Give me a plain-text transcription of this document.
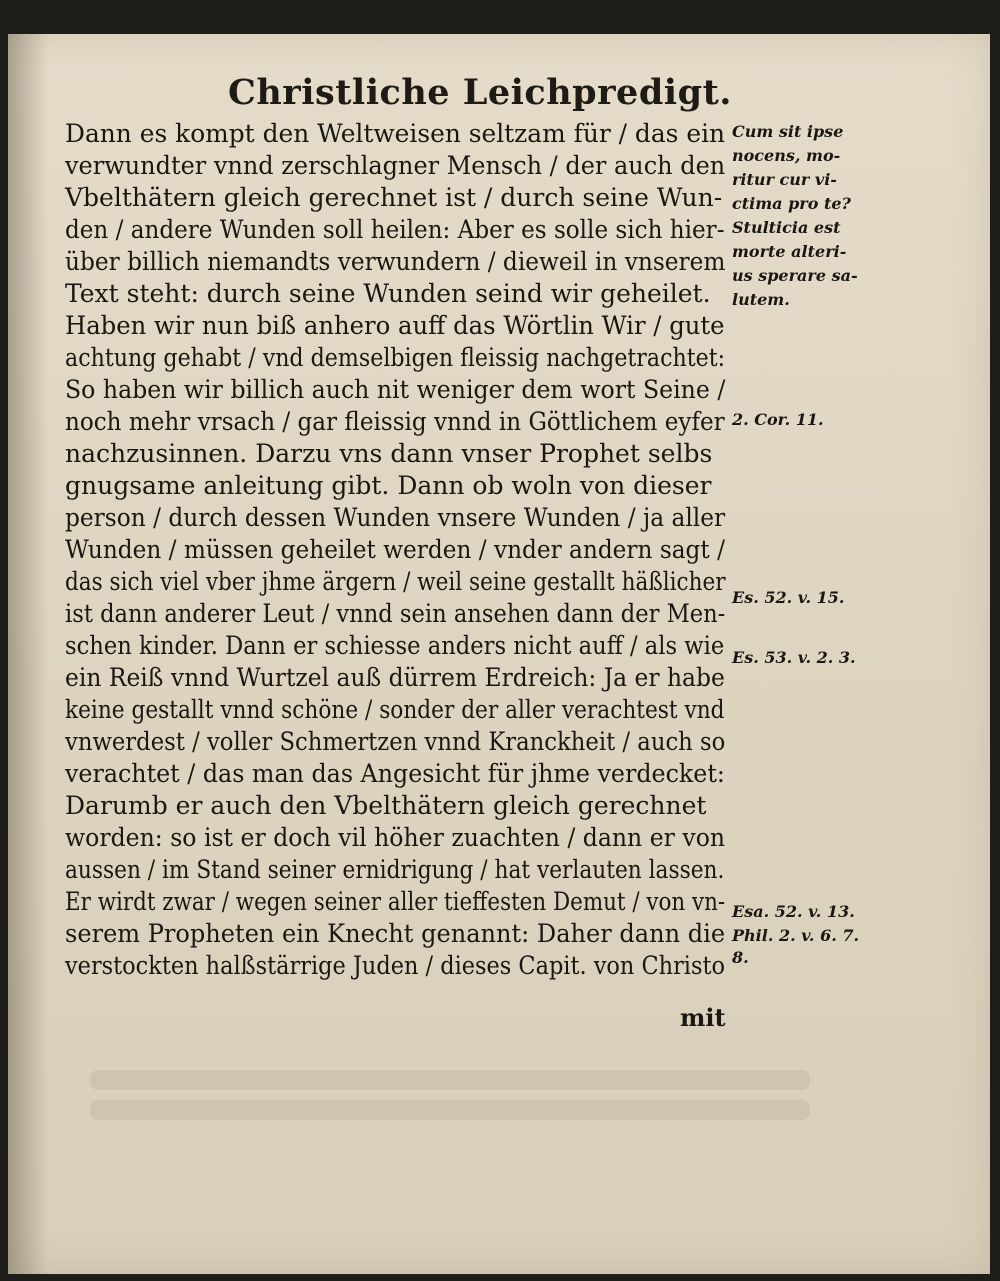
Christliche Leichpredigt.
Dann es kompt den Weltweisen seltzam für / das ein
verwundter vnnd zerschlagner Mensch / der auch den
Vbelthätern gleich gerechnet ist / durch seine Wun-
den / andere Wunden soll heilen: Aber es solle sich hier-
über billich niemandts verwundern / dieweil in vnserem
Text steht: durch seine Wunden seind wir geheilet.
Haben wir nun biß anhero auff das Wörtlin Wir / gute
achtung gehabt / vnd demselbigen fleissig nachgetrachtet:
So haben wir billich auch nit weniger dem wort Seine /
noch mehr vrsach / gar fleissig vnnd in Göttlichem eyfer
nachzusinnen. Darzu vns dann vnser Prophet selbs
gnugsame anleitung gibt. Dann ob woln von dieser
person / durch dessen Wunden vnsere Wunden / ja aller
Wunden / müssen geheilet werden / vnder andern sagt /
das sich viel vber jhme ärgern / weil seine gestallt häßlicher
ist dann anderer Leut / vnnd sein ansehen dann der Men-
schen kinder. Dann er schiesse anders nicht auff / als wie
ein Reiß vnnd Wurtzel auß dürrem Erdreich: Ja er habe
keine gestallt vnnd schöne / sonder der aller verachtest vnd
vnwerdest / voller Schmertzen vnnd Kranckheit / auch so
verachtet / das man das Angesicht für jhme verdecket:
Darumb er auch den Vbelthätern gleich gerechnet
worden: so ist er doch vil höher zuachten / dann er von
aussen / im Stand seiner ernidrigung / hat verlauten lassen.
Er wirdt zwar / wegen seiner aller tieffesten Demut / von vn-
serem Propheten ein Knecht genannt: Daher dann die
verstockten halßstärrige Juden / dieses Capit. von Christo
Cum sit ipse
nocens, mo-
ritur cur vi-
ctima pro te?
Stulticia est
morte alteri-
us sperare sa-
lutem.
2. Cor. 11.
Es. 52. v. 15.
Es. 53. v. 2. 3.
Esa. 52. v. 13.
Phil. 2. v. 6. 7.
8.
mit
